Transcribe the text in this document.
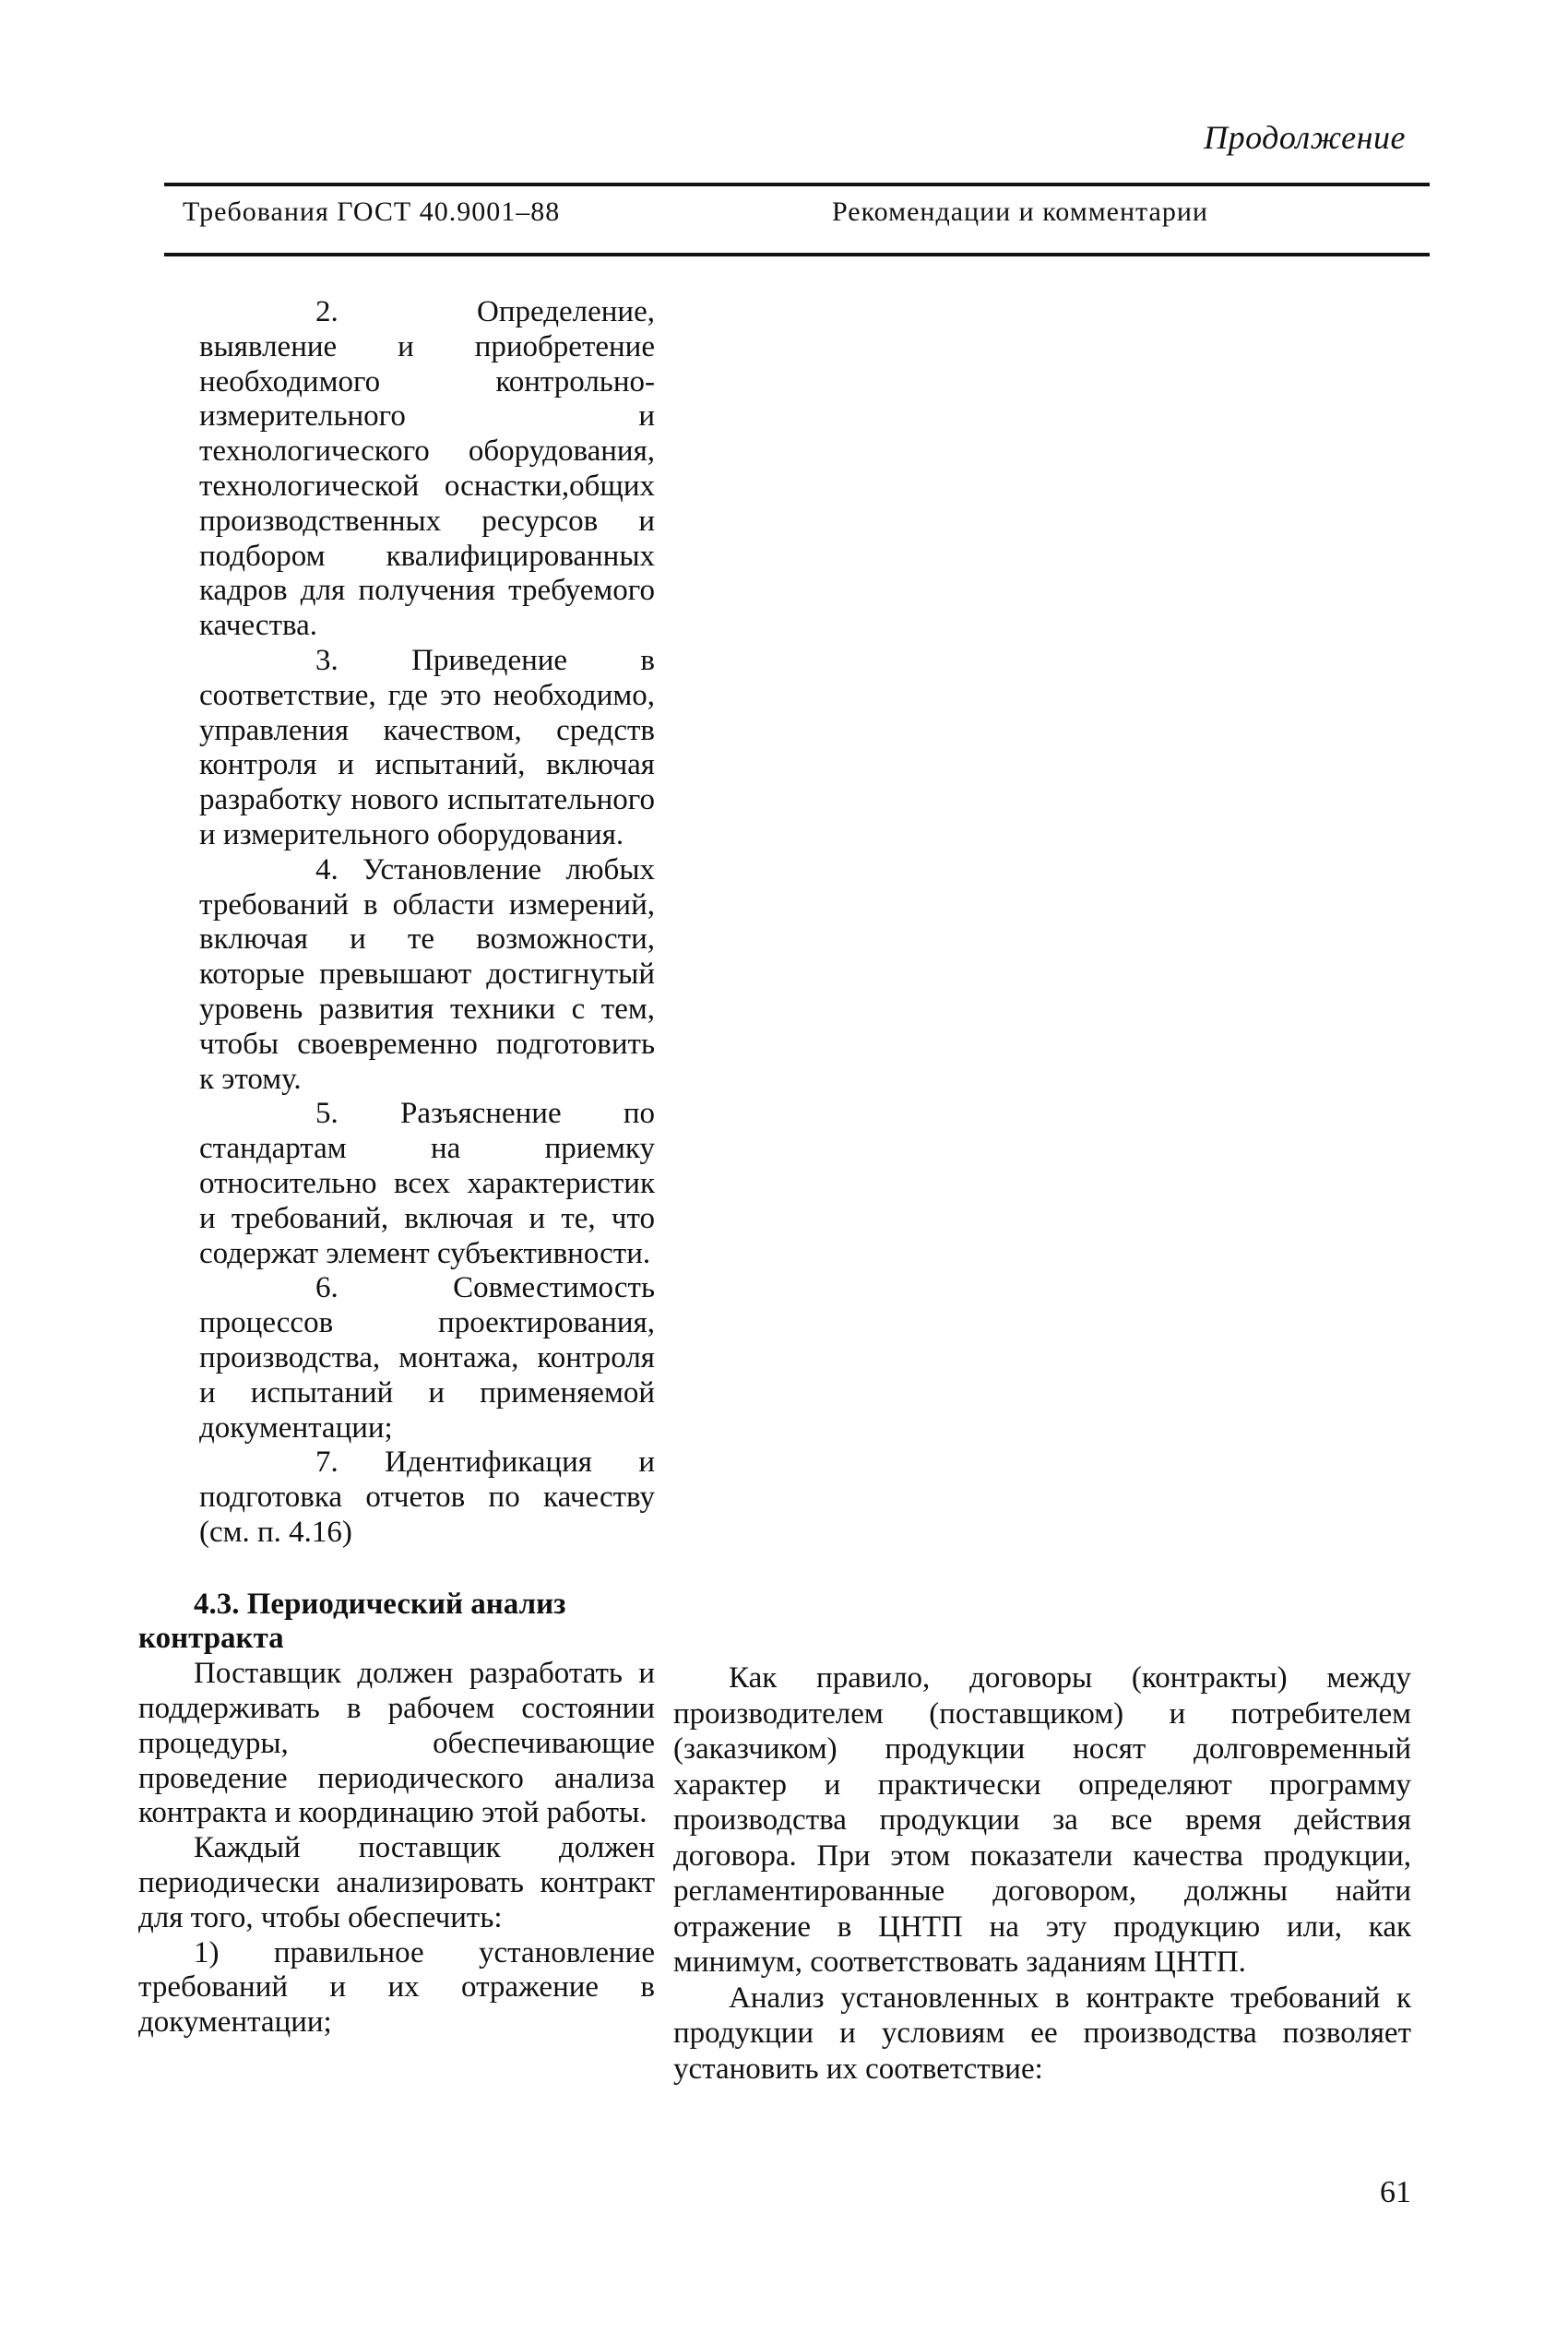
Продолжение
Требования ГОСТ 40.9001–88	Рекомендации и комментарии

2. Определение, выявление и приобретение необходимого контрольно-измерительного и технологического оборудования, технологической оснастки,общих производственных ресурсов и подбором квалифицированных кадров для получения требуемого качества.

3. Приведение в соответствие, где это необходимо, управления качеством, средств контроля и испытаний, включая разработку нового испытательного и измерительного оборудования.

4. Установление любых требований в области измерений, включая и те возможности, которые превышают достигнутый уровень развития техники с тем, чтобы своевременно подготовить к этому.

5. Разъяснение по стандартам на приемку относительно всех характеристик и требований, включая и те, что содержат элемент субъективности.

6. Совместимость процессов проектирования, производства, монтажа, контроля и испытаний и применяемой документации;

7. Идентификация и подготовка отчетов по качеству (см. п. 4.16)

4.3. Периодический анализ контракта

Поставщик должен разработать и поддерживать в рабочем состоянии процедуры, обеспечивающие проведение периодического анализа контракта и координацию этой работы.

Каждый поставщик должен периодически анализировать контракт для того, чтобы обеспечить:

1) правильное установление требований и их отражение в документации;

Как правило, договоры (контракты) между производителем (поставщиком) и потребителем (заказчиком) продукции носят долговременный характер и практически определяют программу производства продукции за все время действия договора. При этом показатели качества продукции, регламентированные договором, должны найти отражение в ЦНТП на эту продукцию или, как минимум, соответствовать заданиям ЦНТП.

Анализ установленных в контракте требований к продукции и условиям ее производства позволяет установить их соответствие:

61
